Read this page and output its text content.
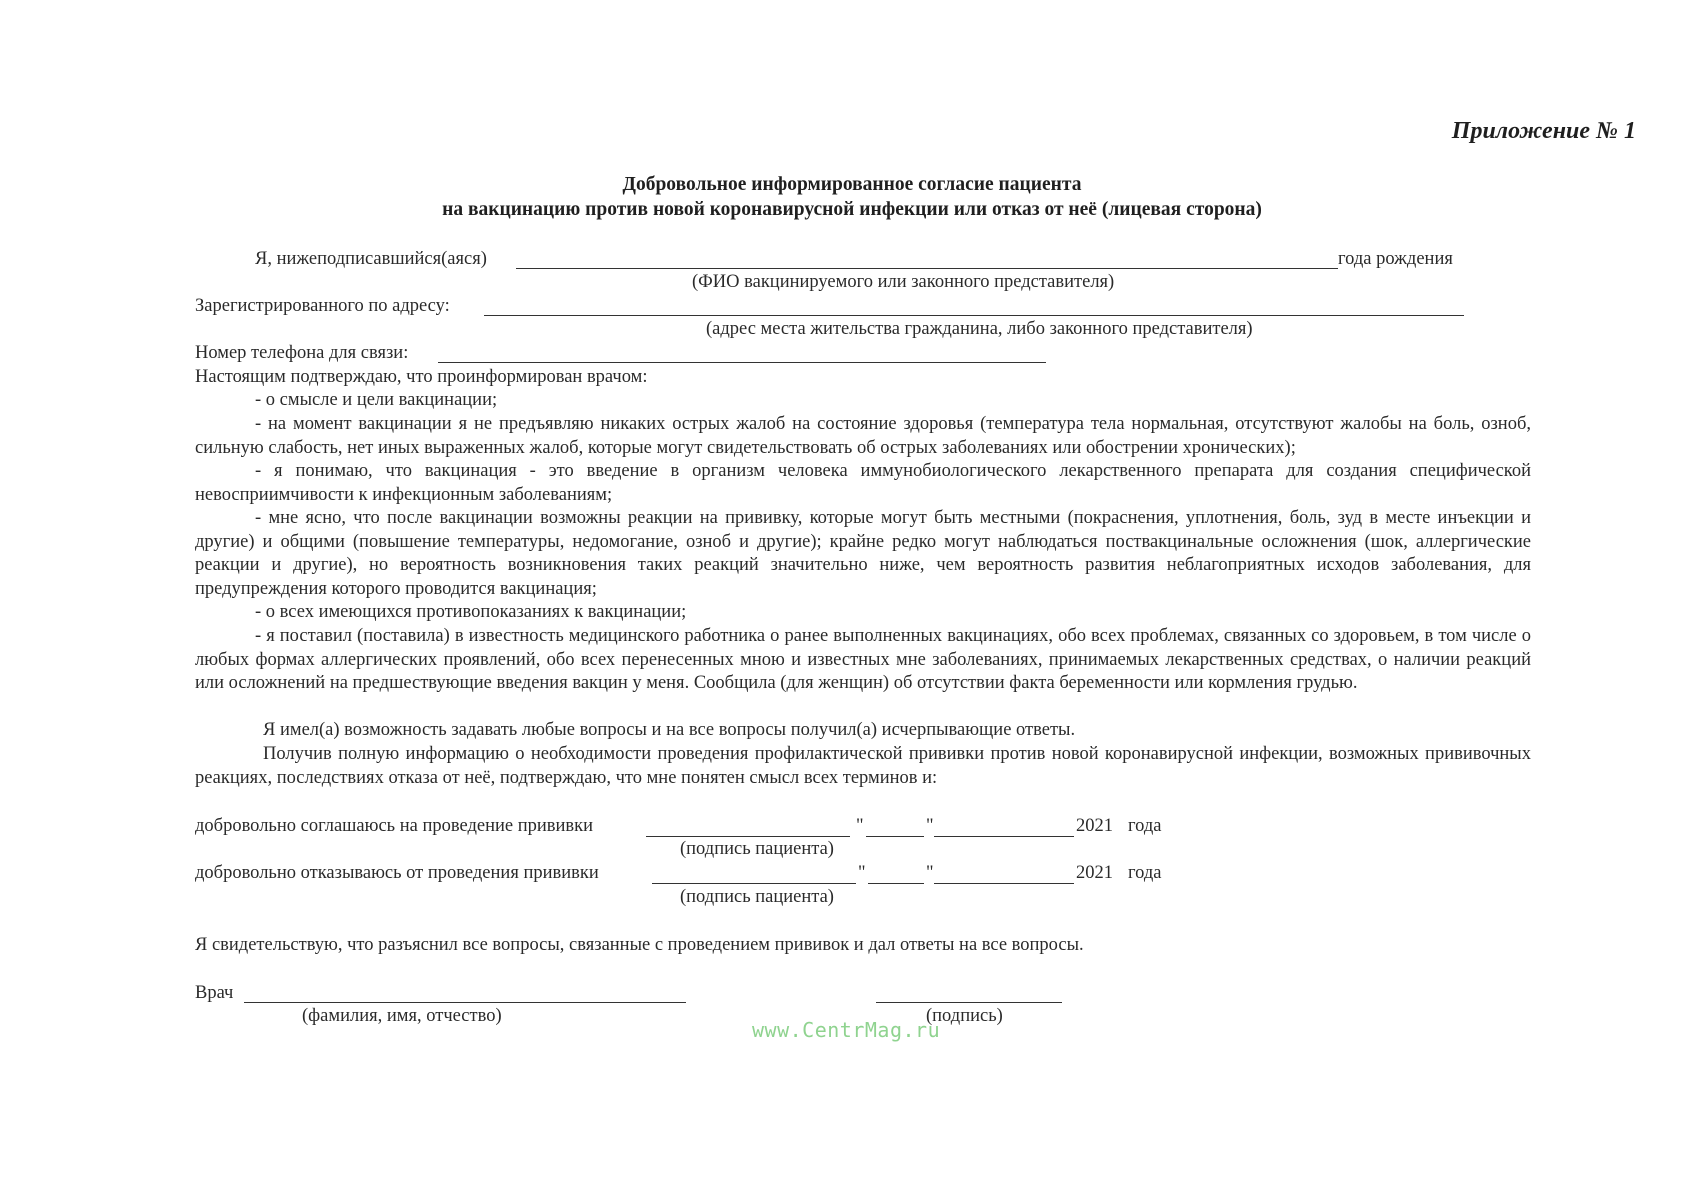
Приложение № 1
Добровольное информированное согласие пациента
на вакцинацию против новой коронавирусной инфекции или отказ от неё (лицевая сторона)
Я, нижеподписавшийся(аяся)	года рождения
(ФИО вакцинируемого или законного представителя)
Зарегистрированного по адресу:
(адрес места жительства гражданина, либо законного представителя)
Номер телефона для связи:
Настоящим подтверждаю, что проинформирован врачом:

- о смысле и цели вакцинации;

- на момент вакцинации я не предъявляю никаких острых жалоб на состояние здоровья (температура тела нормальная, отсутствуют жалобы на боль, озноб, сильную слабость, нет иных выраженных жалоб, которые могут свидетельствовать об острых заболеваниях или обострении хронических);

- я понимаю, что вакцинация - это введение в организм человека иммунобиологического лекарственного препарата для создания специфической невосприимчивости к инфекционным заболеваниям;

- мне ясно, что после вакцинации возможны реакции на прививку, которые могут быть местными (покраснения, уплотнения, боль, зуд в месте инъекции и другие) и общими (повышение температуры, недомогание, озноб и другие); крайне редко могут наблюдаться поствакцинальные осложнения (шок, аллергические реакции и другие), но вероятность возникновения таких реакций значительно ниже, чем вероятность развития неблагоприятных исходов заболевания, для предупреждения которого проводится вакцинация;

- о всех имеющихся противопоказаниях к вакцинации;

- я поставил (поставила) в известность медицинского работника о ранее выполненных вакцинациях, обо всех проблемах, связанных со здоровьем, в том числе о любых формах аллергических проявлений, обо всех перенесенных мною и известных мне заболеваниях, принимаемых лекарственных средствах, о наличии реакций или осложнений на предшествующие введения вакцин у меня. Сообщила (для женщин) об отсутствии факта беременности или кормления грудью.

Я имел(а) возможность задавать любые вопросы и на все вопросы получил(а) исчерпывающие ответы.

Получив полную информацию о необходимости проведения профилактической прививки против новой коронавирусной инфекции, возможных прививочных реакциях, последствиях отказа от неё, подтверждаю, что мне понятен смысл всех терминов и:

добровольно соглашаюсь на проведение прививки	"	"	2021 года
(подпись пациента)
добровольно отказываюсь от проведения прививки	"	"	2021 года
(подпись пациента)
Я свидетельствую, что разъяснил все вопросы, связанные с проведением прививок и дал ответы на все вопросы.
Врач
(фамилия, имя, отчество)	(подпись)
www.CentrMag.ru
